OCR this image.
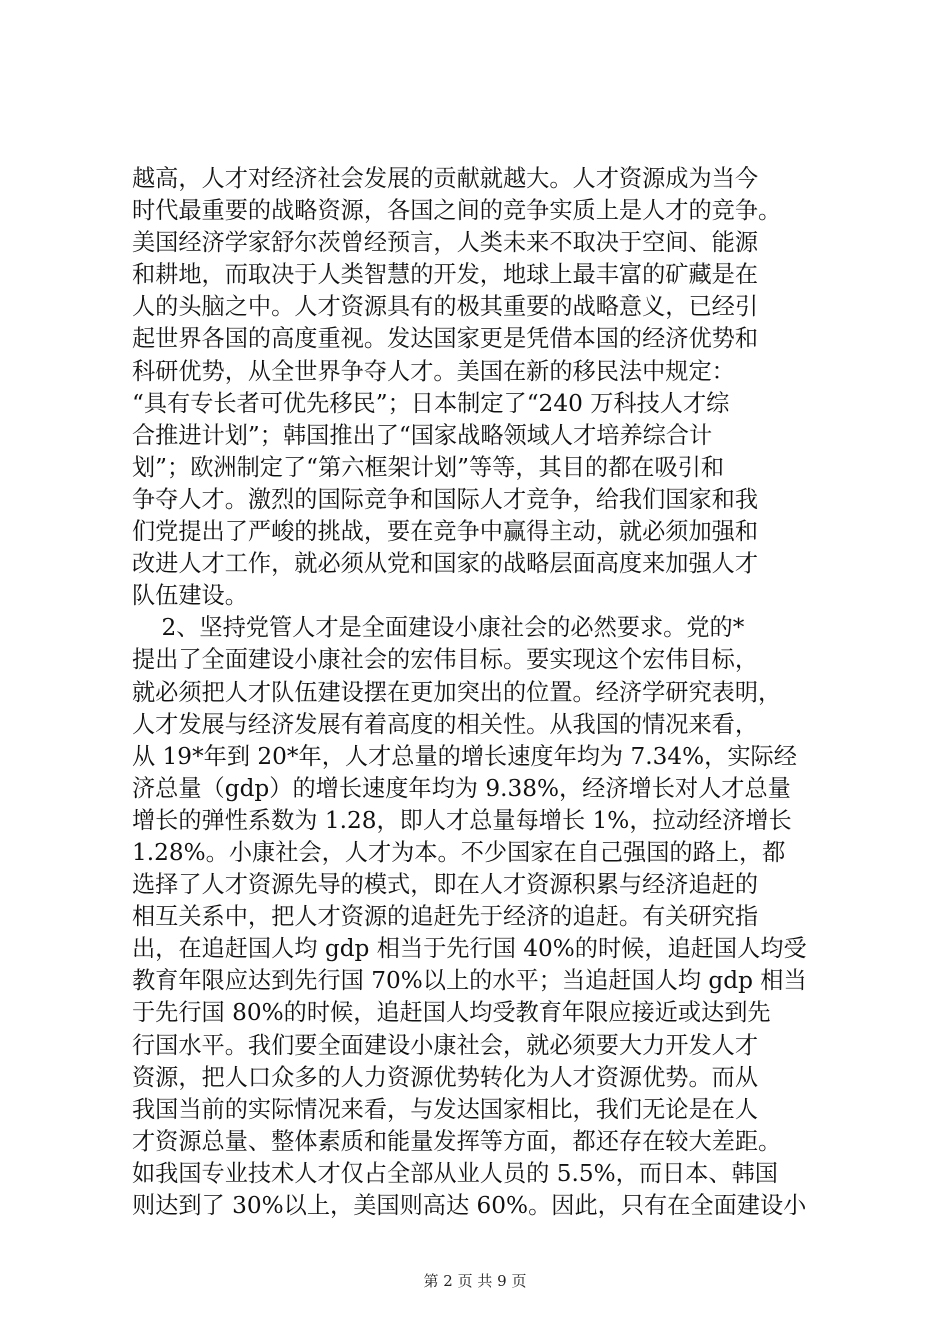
越高，人才对经济社会发展的贡献就越大。人才资源成为当今
时代最重要的战略资源，各国之间的竞争实质上是人才的竞争。
美国经济学家舒尔茨曾经预言，人类未来不取决于空间、能源
和耕地，而取决于人类智慧的开发，地球上最丰富的矿藏是在
人的头脑之中。人才资源具有的极其重要的战略意义，已经引
起世界各国的高度重视。发达国家更是凭借本国的经济优势和
科研优势，从全世界争夺人才。美国在新的移民法中规定：
“具有专长者可优先移民”；日本制定了“240 万科技人才综
合推进计划”；韩国推出了“国家战略领域人才培养综合计
划”；欧洲制定了“第六框架计划”等等，其目的都在吸引和
争夺人才。激烈的国际竞争和国际人才竞争，给我们国家和我
们党提出了严峻的挑战，要在竞争中赢得主动，就必须加强和
改进人才工作，就必须从党和国家的战略层面高度来加强人才
队伍建设。
2、坚持党管人才是全面建设小康社会的必然要求。党的*
提出了全面建设小康社会的宏伟目标。要实现这个宏伟目标，
就必须把人才队伍建设摆在更加突出的位置。经济学研究表明，
人才发展与经济发展有着高度的相关性。从我国的情况来看，
从 19*年到 20*年，人才总量的增长速度年均为 7.34%，实际经
济总量（gdp）的增长速度年均为 9.38%，经济增长对人才总量
增长的弹性系数为 1.28，即人才总量每增长 1%，拉动经济增长
1.28%。小康社会，人才为本。不少国家在自己强国的路上，都
选择了人才资源先导的模式，即在人才资源积累与经济追赶的
相互关系中，把人才资源的追赶先于经济的追赶。有关研究指
出，在追赶国人均 gdp 相当于先行国 40%的时候，追赶国人均受
教育年限应达到先行国 70%以上的水平；当追赶国人均 gdp 相当
于先行国 80%的时候，追赶国人均受教育年限应接近或达到先
行国水平。我们要全面建设小康社会，就必须要大力开发人才
资源，把人口众多的人力资源优势转化为人才资源优势。而从
我国当前的实际情况来看，与发达国家相比，我们无论是在人
才资源总量、整体素质和能量发挥等方面，都还存在较大差距。
如我国专业技术人才仅占全部从业人员的 5.5%，而日本、韩国
则达到了 30%以上，美国则高达 60%。因此，只有在全面建设小
第 2 页 共 9 页
